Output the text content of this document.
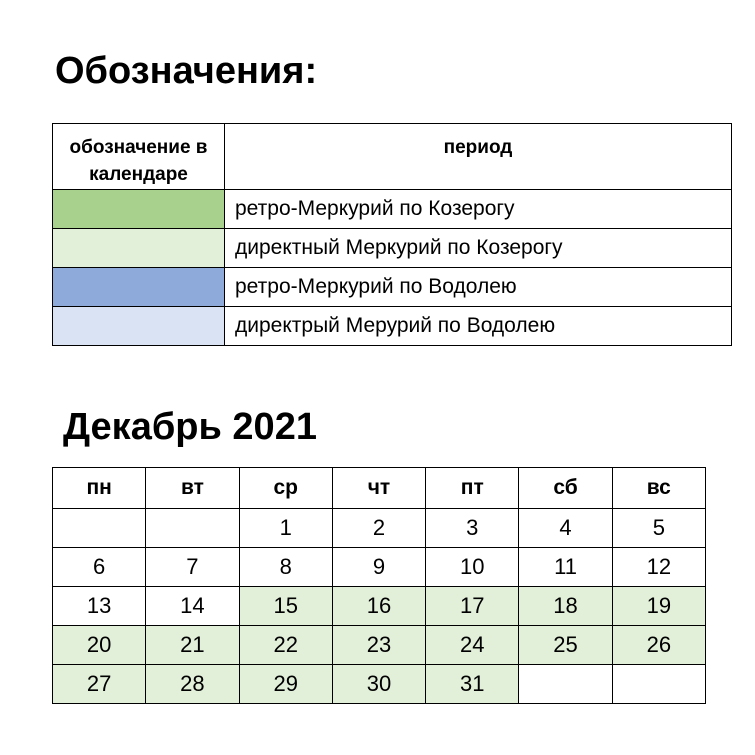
Обозначения:
обозначение в календаре	период
	ретро-Меркурий по Козерогу
	директный Меркурий по Козерогу
	ретро-Меркурий по Водолею
	директрый Мерурий по Водолею
Декабрь 2021
пн	вт	ср	чт	пт	сб	вс
		1	2	3	4	5
6	7	8	9	10	11	12
13	14	15	16	17	18	19
20	21	22	23	24	25	26
27	28	29	30	31		
